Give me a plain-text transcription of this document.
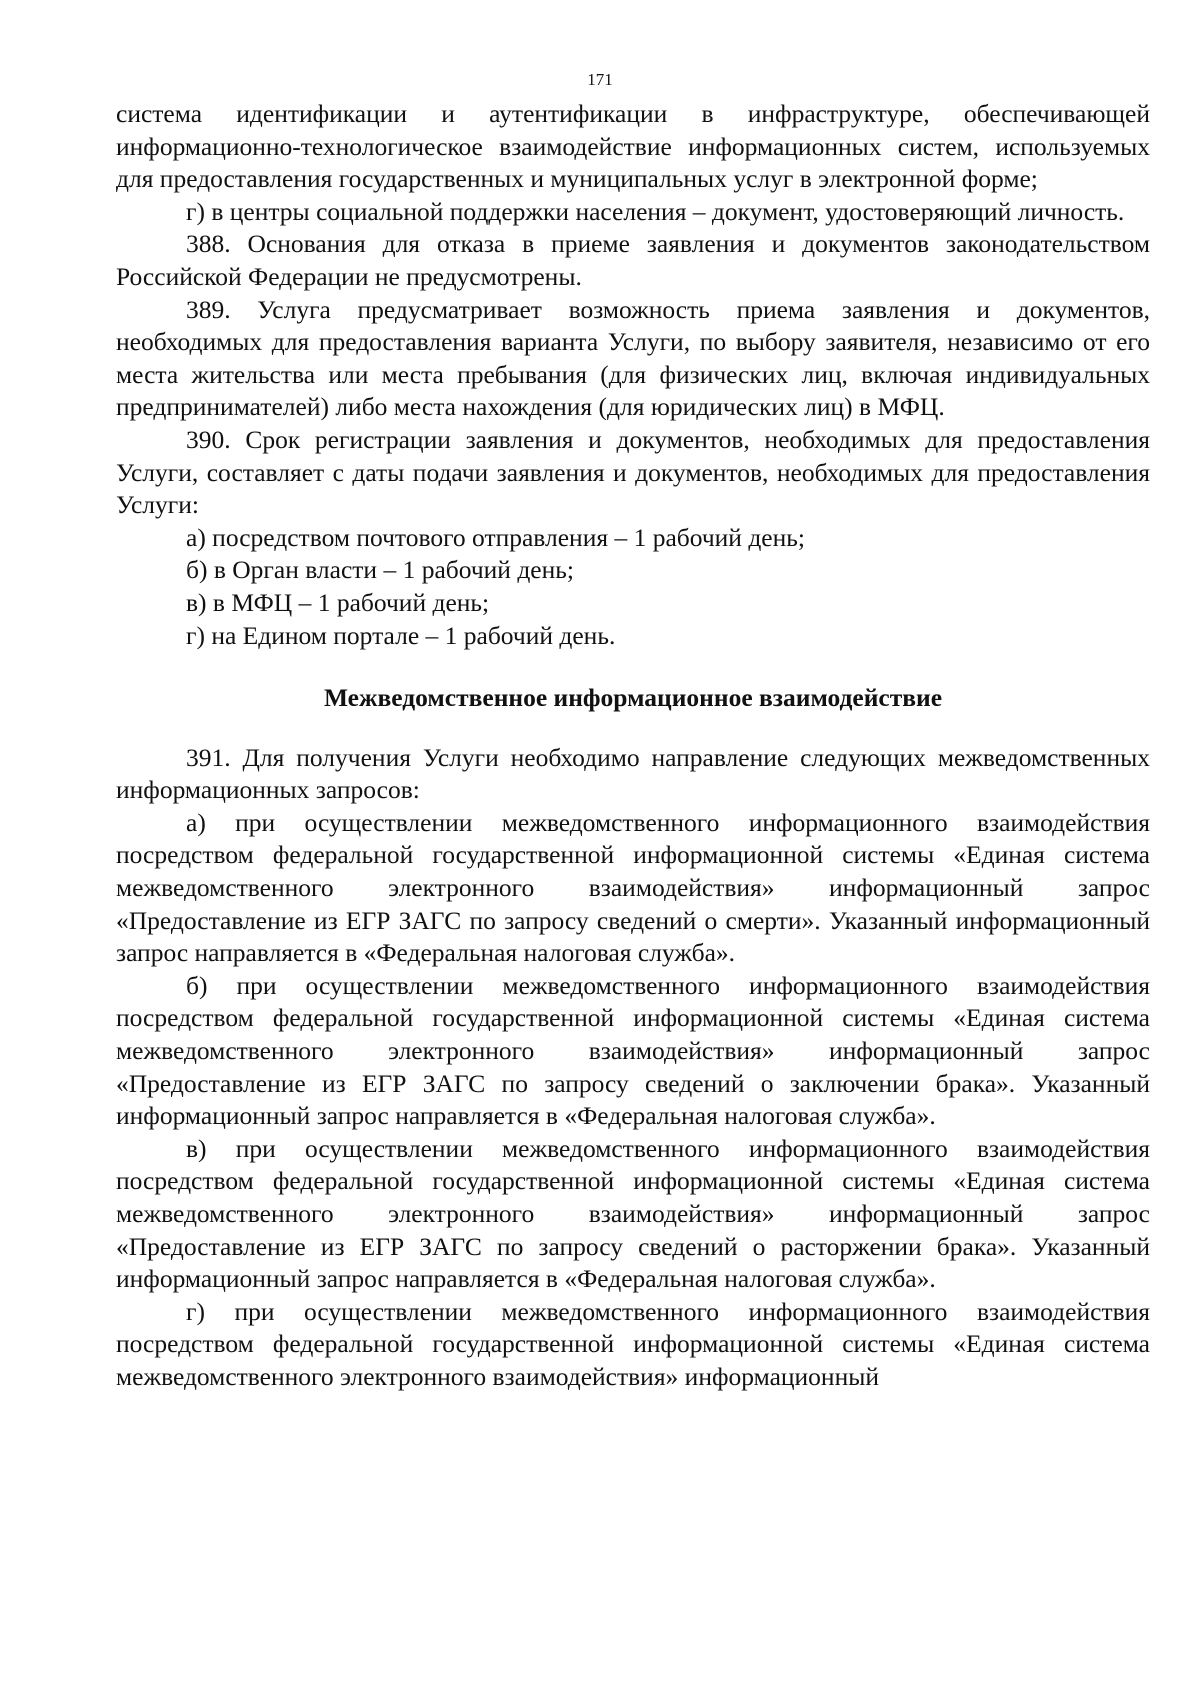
171

система идентификации и аутентификации в инфраструктуре, обеспечивающей информационно-технологическое взаимодействие информационных систем, используемых для предоставления государственных и муниципальных услуг в электронной форме;

г) в центры социальной поддержки населения – документ, удостоверяющий личность.

388. Основания для отказа в приеме заявления и документов законодательством Российской Федерации не предусмотрены.

389. Услуга предусматривает возможность приема заявления и документов, необходимых для предоставления варианта Услуги, по выбору заявителя, независимо от его места жительства или места пребывания (для физических лиц, включая индивидуальных предпринимателей) либо места нахождения (для юридических лиц) в МФЦ.

390. Срок регистрации заявления и документов, необходимых для предоставления Услуги, составляет с даты подачи заявления и документов, необходимых для предоставления Услуги:

а) посредством почтового отправления – 1 рабочий день;

б) в Орган власти – 1 рабочий день;

в) в МФЦ – 1 рабочий день;

г) на Едином портале – 1 рабочий день.

Межведомственное информационное взаимодействие

391. Для получения Услуги необходимо направление следующих межведомственных информационных запросов:

а) при осуществлении межведомственного информационного взаимодействия посредством федеральной государственной информационной системы «Единая система межведомственного электронного взаимодействия» информационный запрос «Предоставление из ЕГР ЗАГС по запросу сведений о смерти». Указанный информационный запрос направляется в «Федеральная налоговая служба».

б) при осуществлении межведомственного информационного взаимодействия посредством федеральной государственной информационной системы «Единая система межведомственного электронного взаимодействия» информационный запрос «Предоставление из ЕГР ЗАГС по запросу сведений о заключении брака». Указанный информационный запрос направляется в «Федеральная налоговая служба».

в) при осуществлении межведомственного информационного взаимодействия посредством федеральной государственной информационной системы «Единая система межведомственного электронного взаимодействия» информационный запрос «Предоставление из ЕГР ЗАГС по запросу сведений о расторжении брака». Указанный информационный запрос направляется в «Федеральная налоговая служба».

г) при осуществлении межведомственного информационного взаимодействия посредством федеральной государственной информационной системы «Единая система межведомственного электронного взаимодействия» информационный
